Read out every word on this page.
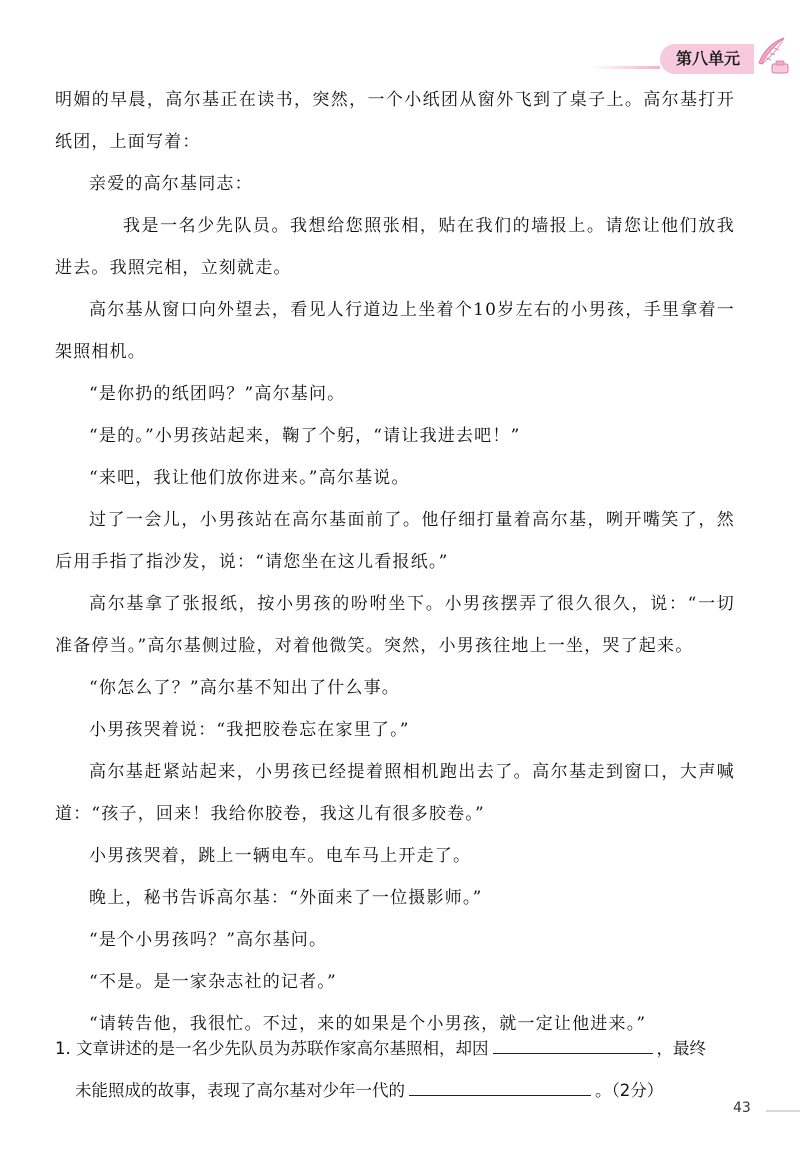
第八单元

明媚的早晨，高尔基正在读书，突然，一个小纸团从窗外飞到了桌子上。高尔基打开纸团，上面写着：

亲爱的高尔基同志：

我是一名少先队员。我想给您照张相，贴在我们的墙报上。请您让他们放我进去。我照完相，立刻就走。

高尔基从窗口向外望去，看见人行道边上坐着个10岁左右的小男孩，手里拿着一架照相机。

“是你扔的纸团吗？”高尔基问。

“是的。”小男孩站起来，鞠了个躬，“请让我进去吧！”

“来吧，我让他们放你进来。”高尔基说。

过了一会儿，小男孩站在高尔基面前了。他仔细打量着高尔基，咧开嘴笑了，然后用手指了指沙发，说：“请您坐在这儿看报纸。”

高尔基拿了张报纸，按小男孩的吩咐坐下。小男孩摆弄了很久很久，说：“一切准备停当。”高尔基侧过脸，对着他微笑。突然，小男孩往地上一坐，哭了起来。

“你怎么了？”高尔基不知出了什么事。

小男孩哭着说：“我把胶卷忘在家里了。”

高尔基赶紧站起来，小男孩已经提着照相机跑出去了。高尔基走到窗口，大声喊道：“孩子，回来！我给你胶卷，我这儿有很多胶卷。”

小男孩哭着，跳上一辆电车。电车马上开走了。

晚上，秘书告诉高尔基：“外面来了一位摄影师。”

“是个小男孩吗？”高尔基问。

“不是。是一家杂志社的记者。”

“请转告他，我很忙。不过，来的如果是个小男孩，就一定让他进来。”

1. 文章讲述的是一名少先队员为苏联作家高尔基照相，却因	，最终
未能照成的故事，表现了高尔基对少年一代的	。（2分）
43
